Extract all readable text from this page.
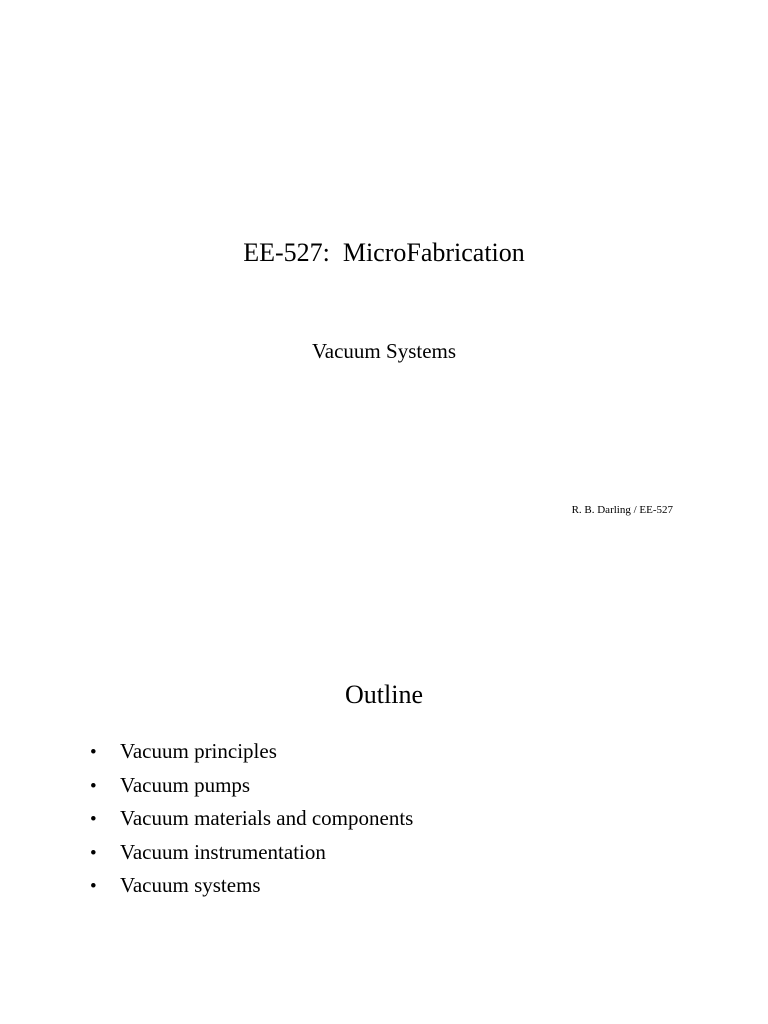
EE-527:  MicroFabrication
Vacuum Systems
R. B. Darling / EE-527
Outline
•	Vacuum principles
•	Vacuum pumps
•	Vacuum materials and components
•	Vacuum instrumentation
•	Vacuum systems
